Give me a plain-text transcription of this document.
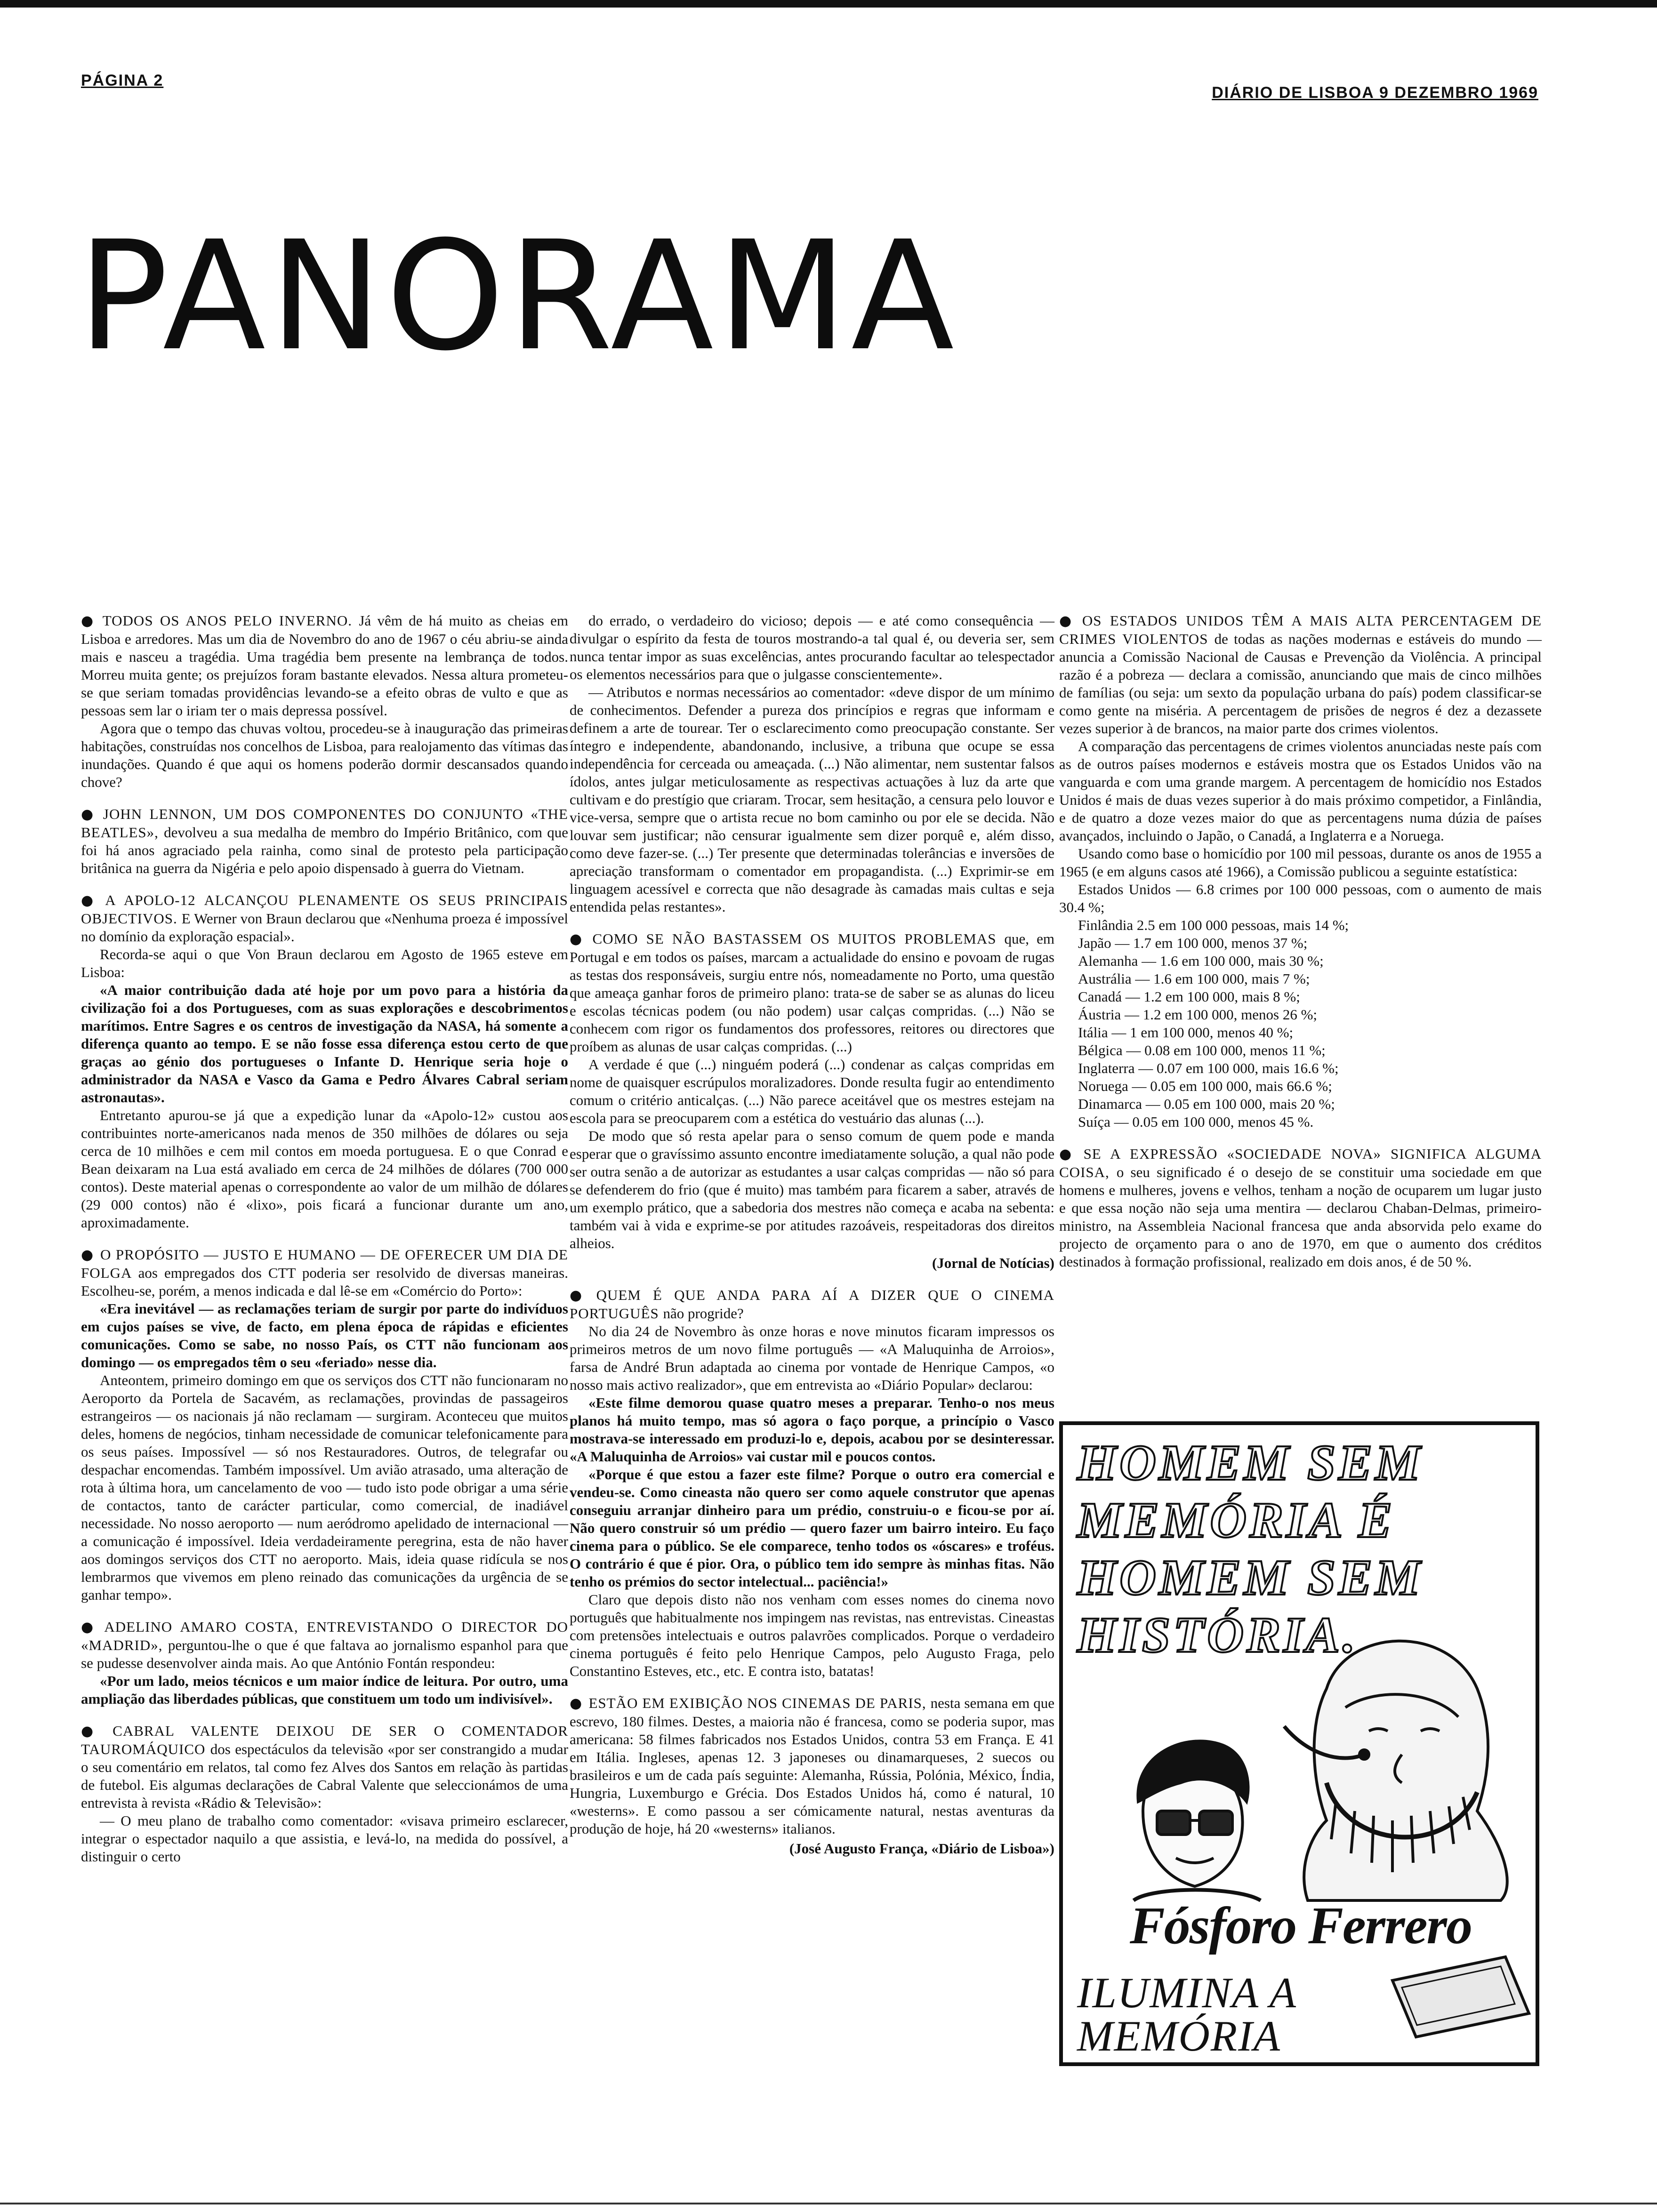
PÁGINA 2
DIÁRIO DE LISBOA 9 DEZEMBRO 1969
PANORAMA

● TODOS OS ANOS PELO INVERNO. Já vêm de há muito as cheias em Lisboa e arredores. Mas um dia de Novembro do ano de 1967 o céu abriu-se ainda mais e nasceu a tragédia. Uma tragédia bem presente na lembrança de todos. Morreu muita gente; os prejuízos foram bastante elevados. Nessa altura prometeu-se que seriam tomadas providências levando-se a efeito obras de vulto e que as pessoas sem lar o iriam ter o mais depressa possível.

Agora que o tempo das chuvas voltou, procedeu-se à inauguração das primeiras habitações, construídas nos concelhos de Lisboa, para realojamento das vítimas das inundações. Quando é que aqui os homens poderão dormir descansados quando chove?

● JOHN LENNON, UM DOS COMPONENTES DO CONJUNTO «THE BEATLES», devolveu a sua medalha de membro do Império Britânico, com que foi há anos agraciado pela rainha, como sinal de protesto pela participação britânica na guerra da Nigéria e pelo apoio dispensado à guerra do Vietnam.

● A APOLO-12 ALCANÇOU PLENAMENTE OS SEUS PRINCIPAIS OBJECTIVOS. E Werner von Braun declarou que «Nenhuma proeza é impossível no domínio da exploração espacial».

Recorda-se aqui o que Von Braun declarou em Agosto de 1965 esteve em Lisboa:

«A maior contribuição dada até hoje por um povo para a história da civilização foi a dos Portugueses, com as suas explorações e descobrimentos marítimos. Entre Sagres e os centros de investigação da NASA, há somente a diferença quanto ao tempo. E se não fosse essa diferença estou certo de que graças ao génio dos portugueses o Infante D. Henrique seria hoje o administrador da NASA e Vasco da Gama e Pedro Álvares Cabral seriam astronautas».

Entretanto apurou-se já que a expedição lunar da «Apolo-12» custou aos contribuintes norte-americanos nada menos de 350 milhões de dólares ou seja cerca de 10 milhões e cem mil contos em moeda portuguesa. E o que Conrad e Bean deixaram na Lua está avaliado em cerca de 24 milhões de dólares (700 000 contos). Deste material apenas o correspondente ao valor de um milhão de dólares (29 000 contos) não é «lixo», pois ficará a funcionar durante um ano, aproximadamente.

● O PROPÓSITO — JUSTO E HUMANO — DE OFERECER UM DIA DE FOLGA aos empregados dos CTT poderia ser resolvido de diversas maneiras. Escolheu-se, porém, a menos indicada e dal lê-se em «Comércio do Porto»:

«Era inevitável — as reclamações teriam de surgir por parte do indivíduos em cujos países se vive, de facto, em plena época de rápidas e eficientes comunicações. Como se sabe, no nosso País, os CTT não funcionam aos domingo — os empregados têm o seu «feriado» nesse dia.

Anteontem, primeiro domingo em que os serviços dos CTT não funcionaram no Aeroporto da Portela de Sacavém, as reclamações, provindas de passageiros estrangeiros — os nacionais já não reclamam — surgiram. Aconteceu que muitos deles, homens de negócios, tinham necessidade de comunicar telefonicamente para os seus países. Impossível — só nos Restauradores. Outros, de telegrafar ou despachar encomendas. Também impossível. Um avião atrasado, uma alteração de rota à última hora, um cancelamento de voo — tudo isto pode obrigar a uma série de contactos, tanto de carácter particular, como comercial, de inadiável necessidade. No nosso aeroporto — num aeródromo apelidado de internacional — a comunicação é impossível. Ideia verdadeiramente peregrina, esta de não haver aos domingos serviços dos CTT no aeroporto. Mais, ideia quase ridícula se nos lembrarmos que vivemos em pleno reinado das comunicações da urgência de se ganhar tempo».

● ADELINO AMARO COSTA, ENTREVISTANDO O DIRECTOR DO «MADRID», perguntou-lhe o que é que faltava ao jornalismo espanhol para que se pudesse desenvolver ainda mais. Ao que António Fontán respondeu:

«Por um lado, meios técnicos e um maior índice de leitura. Por outro, uma ampliação das liberdades públicas, que constituem um todo um indivisível».

● CABRAL VALENTE DEIXOU DE SER O COMENTADOR TAUROMÁQUICO dos espectáculos da televisão «por ser constrangido a mudar o seu comentário em relatos, tal como fez Alves dos Santos em relação às partidas de futebol. Eis algumas declarações de Cabral Valente que seleccionámos de uma entrevista à revista «Rádio & Televisão»:

— O meu plano de trabalho como comentador: «visava primeiro esclarecer, integrar o espectador naquilo a que assistia, e levá-lo, na medida do possível, a distinguir o certo

do errado, o verdadeiro do vicioso; depois — e até como consequência — divulgar o espírito da festa de touros mostrando-a tal qual é, ou deveria ser, sem nunca tentar impor as suas excelências, antes procurando facultar ao telespectador os elementos necessários para que o julgasse conscientemente».

— Atributos e normas necessários ao comentador: «deve dispor de um mínimo de conhecimentos. Defender a pureza dos princípios e regras que informam e definem a arte de tourear. Ter o esclarecimento como preocupação constante. Ser íntegro e independente, abandonando, inclusive, a tribuna que ocupe se essa independência for cerceada ou ameaçada. (...) Não alimentar, nem sustentar falsos ídolos, antes julgar meticulosamente as respectivas actuações à luz da arte que cultivam e do prestígio que criaram. Trocar, sem hesitação, a censura pelo louvor e vice-versa, sempre que o artista recue no bom caminho ou por ele se decida. Não louvar sem justificar; não censurar igualmente sem dizer porquê e, além disso, como deve fazer-se. (...) Ter presente que determinadas tolerâncias e inversões de apreciação transformam o comentador em propagandista. (...) Exprimir-se em linguagem acessível e correcta que não desagrade às camadas mais cultas e seja entendida pelas restantes».

● COMO SE NÃO BASTASSEM OS MUITOS PROBLEMAS que, em Portugal e em todos os países, marcam a actualidade do ensino e povoam de rugas as testas dos responsáveis, surgiu entre nós, nomeadamente no Porto, uma questão que ameaça ganhar foros de primeiro plano: trata-se de saber se as alunas do liceu e escolas técnicas podem (ou não podem) usar calças compridas. (...) Não se conhecem com rigor os fundamentos dos professores, reitores ou directores que proíbem as alunas de usar calças compridas. (...)

A verdade é que (...) ninguém poderá (...) condenar as calças compridas em nome de quaisquer escrúpulos moralizadores. Donde resulta fugir ao entendimento comum o critério anticalças. (...) Não parece aceitável que os mestres estejam na escola para se preocuparem com a estética do vestuário das alunas (...).

De modo que só resta apelar para o senso comum de quem pode e manda esperar que o gravíssimo assunto encontre imediatamente solução, a qual não pode ser outra senão a de autorizar as estudantes a usar calças compridas — não só para se defenderem do frio (que é muito) mas também para ficarem a saber, através de um exemplo prático, que a sabedoria dos mestres não começa e acaba na sebenta: também vai à vida e exprime-se por atitudes razoáveis, respeitadoras dos direitos alheios.

(Jornal de Notícias)

● QUEM É QUE ANDA PARA AÍ A DIZER QUE O CINEMA PORTUGUÊS não progride?

No dia 24 de Novembro às onze horas e nove minutos ficaram impressos os primeiros metros de um novo filme português — «A Maluquinha de Arroios», farsa de André Brun adaptada ao cinema por vontade de Henrique Campos, «o nosso mais activo realizador», que em entrevista ao «Diário Popular» declarou:

«Este filme demorou quase quatro meses a preparar. Tenho-o nos meus planos há muito tempo, mas só agora o faço porque, a princípio o Vasco mostrava-se interessado em produzi-lo e, depois, acabou por se desinteressar. «A Maluquinha de Arroios» vai custar mil e poucos contos.

«Porque é que estou a fazer este filme? Porque o outro era comercial e vendeu-se. Como cineasta não quero ser como aquele construtor que apenas conseguiu arranjar dinheiro para um prédio, construiu-o e ficou-se por aí. Não quero construir só um prédio — quero fazer um bairro inteiro. Eu faço cinema para o público. Se ele comparece, tenho todos os «óscares» e troféus. O contrário é que é pior. Ora, o público tem ido sempre às minhas fitas. Não tenho os prémios do sector intelectual... paciência!»

Claro que depois disto não nos venham com esses nomes do cinema novo português que habitualmente nos impingem nas revistas, nas entrevistas. Cineastas com pretensões intelectuais e outros palavrões complicados. Porque o verdadeiro cinema português é feito pelo Henrique Campos, pelo Augusto Fraga, pelo Constantino Esteves, etc., etc. E contra isto, batatas!

● ESTÃO EM EXIBIÇÃO NOS CINEMAS DE PARIS, nesta semana em que escrevo, 180 filmes. Destes, a maioria não é francesa, como se poderia supor, mas americana: 58 filmes fabricados nos Estados Unidos, contra 53 em França. E 41 em Itália. Ingleses, apenas 12. 3 japoneses ou dinamarqueses, 2 suecos ou brasileiros e um de cada país seguinte: Alemanha, Rússia, Polónia, México, Índia, Hungria, Luxemburgo e Grécia. Dos Estados Unidos há, como é natural, 10 «westerns». E como passou a ser cómicamente natural, nestas aventuras da produção de hoje, há 20 «westerns» italianos.

(José Augusto França, «Diário de Lisboa»)

● OS ESTADOS UNIDOS TÊM A MAIS ALTA PERCENTAGEM DE CRIMES VIOLENTOS de todas as nações modernas e estáveis do mundo — anuncia a Comissão Nacional de Causas e Prevenção da Violência. A principal razão é a pobreza — declara a comissão, anunciando que mais de cinco milhões de famílias (ou seja: um sexto da população urbana do país) podem classificar-se como gente na miséria. A percentagem de prisões de negros é dez a dezassete vezes superior à de brancos, na maior parte dos crimes violentos.

A comparação das percentagens de crimes violentos anunciadas neste país com as de outros países modernos e estáveis mostra que os Estados Unidos vão na vanguarda e com uma grande margem. A percentagem de homicídio nos Estados Unidos é mais de duas vezes superior à do mais próximo competidor, a Finlândia, e de quatro a doze vezes maior do que as percentagens numa dúzia de países avançados, incluindo o Japão, o Canadá, a Inglaterra e a Noruega.

Usando como base o homicídio por 100 mil pessoas, durante os anos de 1955 a 1965 (e em alguns casos até 1966), a Comissão publicou a seguinte estatística:

Estados Unidos — 6.8 crimes por 100 000 pessoas, com o aumento de mais 30.4 %;

Finlândia 2.5 em 100 000 pessoas, mais 14 %;
Japão — 1.7 em 100 000, menos 37 %;
Alemanha — 1.6 em 100 000, mais 30 %;
Austrália — 1.6 em 100 000, mais 7 %;
Canadá — 1.2 em 100 000, mais 8 %;
Áustria — 1.2 em 100 000, menos 26 %;
Itália — 1 em 100 000, menos 40 %;
Bélgica — 0.08 em 100 000, menos 11 %;
Inglaterra — 0.07 em 100 000, mais 16.6 %;
Noruega — 0.05 em 100 000, mais 66.6 %;
Dinamarca — 0.05 em 100 000, mais 20 %;
Suíça — 0.05 em 100 000, menos 45 %.

● SE A EXPRESSÃO «SOCIEDADE NOVA» SIGNIFICA ALGUMA COISA, o seu significado é o desejo de se constituir uma sociedade em que homens e mulheres, jovens e velhos, tenham a noção de ocuparem um lugar justo e que essa noção não seja uma mentira — declarou Chaban-Delmas, primeiro-ministro, na Assembleia Nacional francesa que anda absorvida pelo exame do projecto de orçamento para o ano de 1970, em que o aumento dos créditos destinados à formação profissional, realizado em dois anos, é de 50 %.

HOMEM SEM MEMÓRIA É HOMEM SEM HISTÓRIA.
Fósforo Ferrero
ILUMINA A MEMÓRIA
